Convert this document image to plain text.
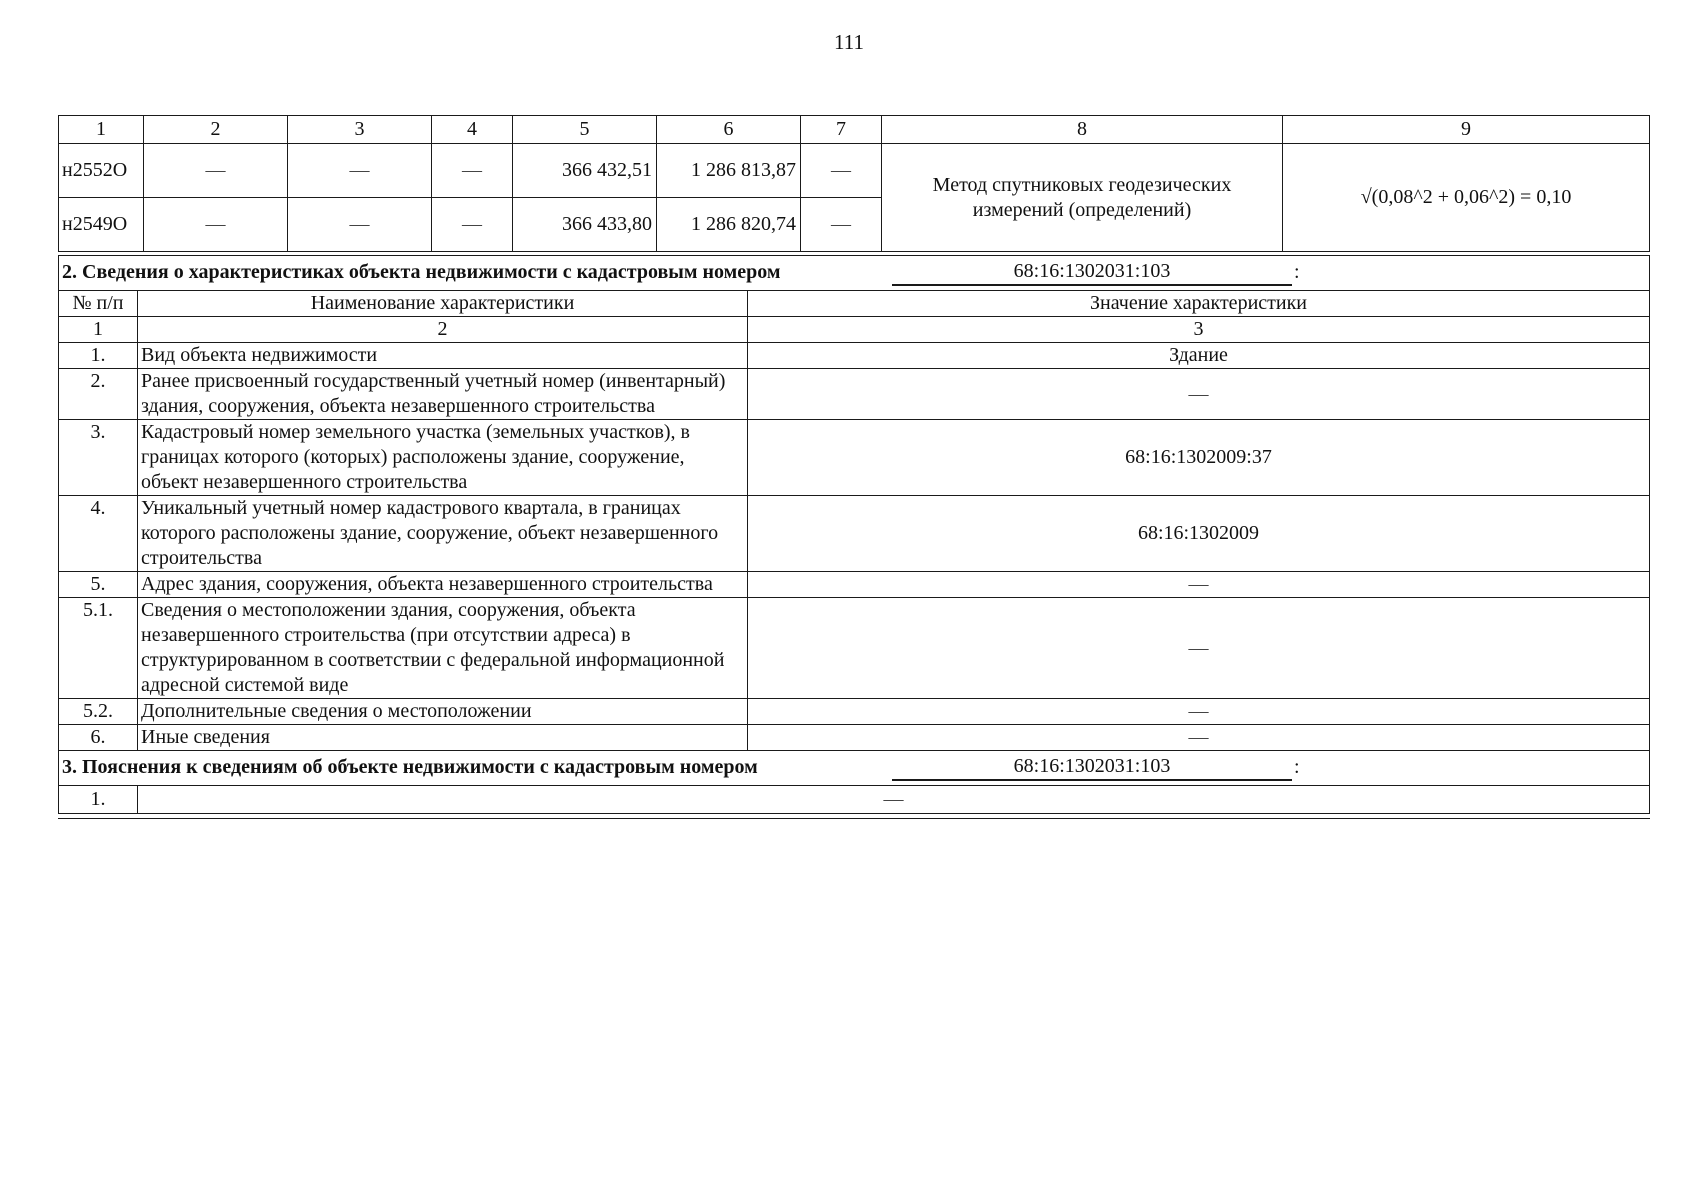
111
1	2	3	4	5	6	7	8	9
н2552О	—	—	—	366 432,51	1 286 813,87	—	Метод спутниковых геодезических измерений (определений)	√(0,08^2 + 0,06^2) = 0,10
н2549О	—	—	—	366 433,80	1 286 820,74	—		
2. Сведения о характеристиках объекта недвижимости с кадастровым номером 68:16:1302031:103 :		

№ п/п	Наименование характеристики	Значение характеристики
1	2	3
1.	Вид объекта недвижимости	Здание
2.	Ранее присвоенный государственный учетный номер (инвентарный) здания, сооружения, объекта незавершенного строительства	—
3.	Кадастровый номер земельного участка (земельных участков), в границах которого (которых) расположены здание, сооружение, объект незавершенного строительства	68:16:1302009:37
4.	Уникальный учетный номер кадастрового квартала, в границах которого расположены здание, сооружение, объект незавершенного строительства	68:16:1302009
5.	Адрес здания, сооружения, объекта незавершенного строительства	—
5.1.	Сведения о местоположении здания, сооружения, объекта незавершенного строительства (при отсутствии адреса) в структурированном в соответствии с федеральной информационной адресной системой виде	—
5.2.	Дополнительные сведения о местоположении	—
6.	Иные сведения	—

3. Пояснения к сведениям об объекте недвижимости с кадастровым номером 68:16:1302031:103 :		

1.	—	
